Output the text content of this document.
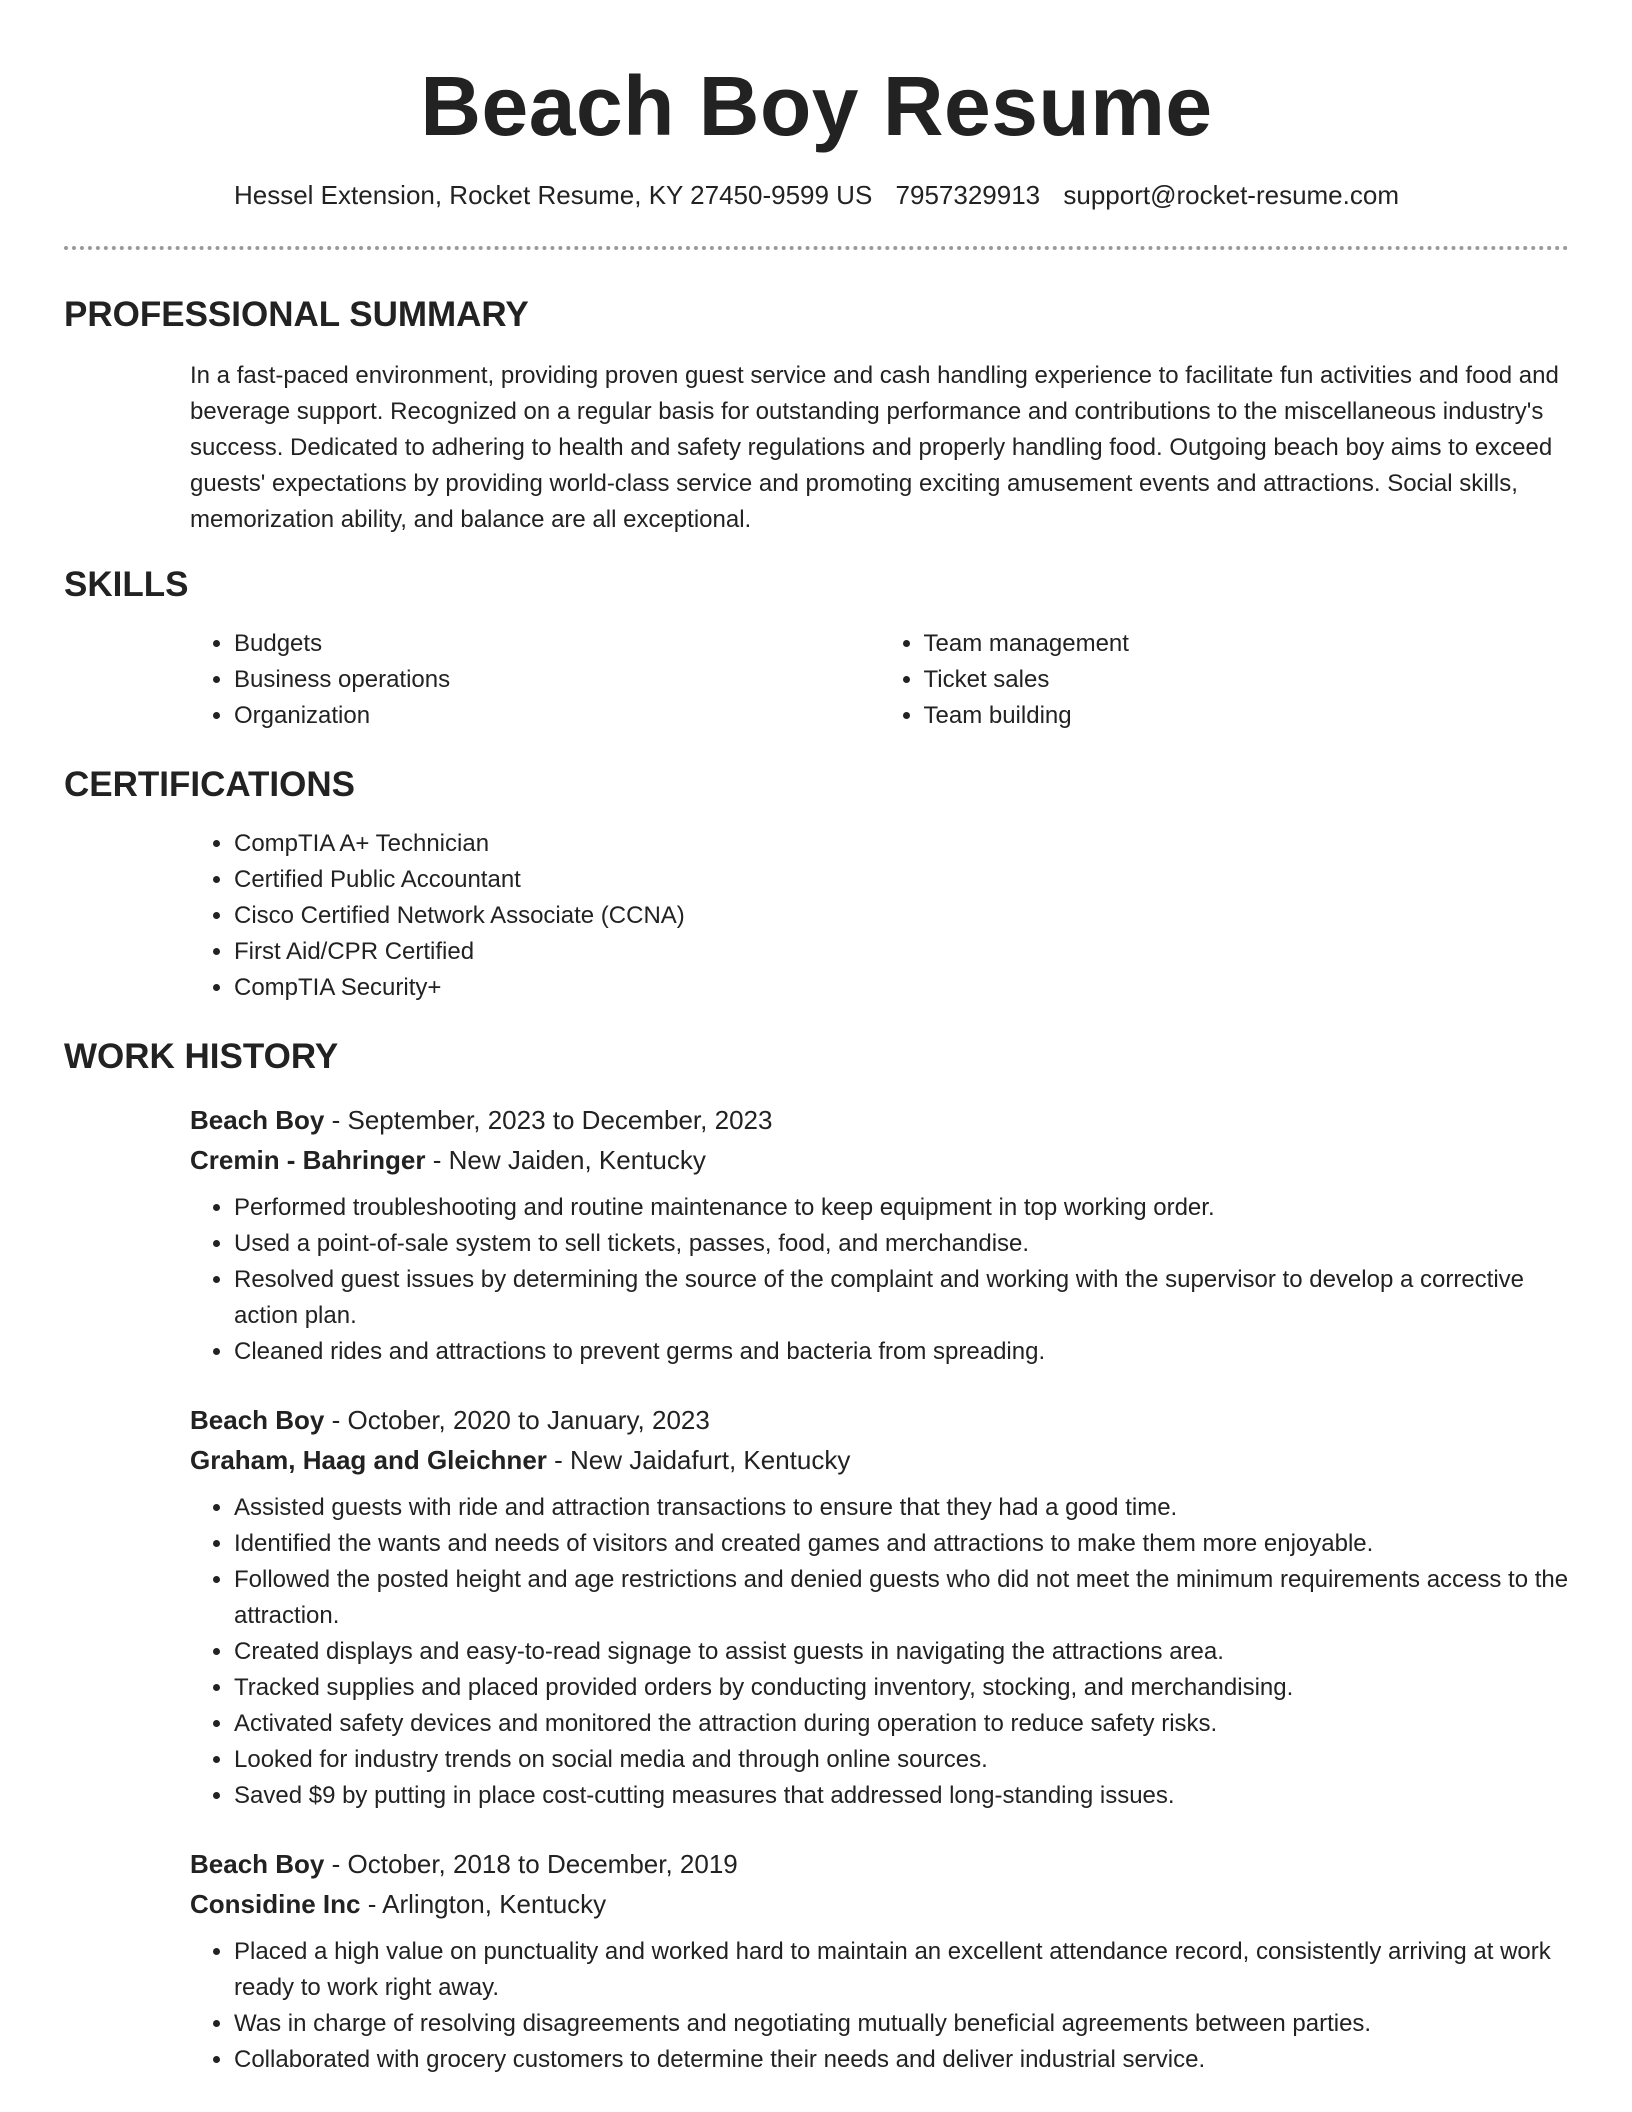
Beach Boy Resume
Hessel Extension, Rocket Resume, KY 27450-9599 US 7957329913 support@rocket-resume.com
PROFESSIONAL SUMMARY

In a fast-paced environment, providing proven guest service and cash handling experience to facilitate fun activities and food and beverage support. Recognized on a regular basis for outstanding performance and contributions to the miscellaneous industry's success. Dedicated to adhering to health and safety regulations and properly handling food. Outgoing beach boy aims to exceed guests' expectations by providing world-class service and promoting exciting amusement events and attractions. Social skills, memorization ability, and balance are all exceptional.

SKILLS
• Budgets
• Business operations
• Organization
• Team management
• Ticket sales
• Team building
CERTIFICATIONS
• CompTIA A+ Technician
• Certified Public Accountant
• Cisco Certified Network Associate (CCNA)
• First Aid/CPR Certified
• CompTIA Security+
WORK HISTORY
Beach Boy - September, 2023 to December, 2023
Cremin - Bahringer - New Jaiden, Kentucky
• Performed troubleshooting and routine maintenance to keep equipment in top working order.
• Used a point-of-sale system to sell tickets, passes, food, and merchandise.
• Resolved guest issues by determining the source of the complaint and working with the supervisor to develop a corrective action plan.
• Cleaned rides and attractions to prevent germs and bacteria from spreading.
Beach Boy - October, 2020 to January, 2023
Graham, Haag and Gleichner - New Jaidafurt, Kentucky
• Assisted guests with ride and attraction transactions to ensure that they had a good time.
• Identified the wants and needs of visitors and created games and attractions to make them more enjoyable.
• Followed the posted height and age restrictions and denied guests who did not meet the minimum requirements access to the attraction.
• Created displays and easy-to-read signage to assist guests in navigating the attractions area.
• Tracked supplies and placed provided orders by conducting inventory, stocking, and merchandising.
• Activated safety devices and monitored the attraction during operation to reduce safety risks.
• Looked for industry trends on social media and through online sources.
• Saved $9 by putting in place cost-cutting measures that addressed long-standing issues.
Beach Boy - October, 2018 to December, 2019
Considine Inc - Arlington, Kentucky
• Placed a high value on punctuality and worked hard to maintain an excellent attendance record, consistently arriving at work ready to work right away.
• Was in charge of resolving disagreements and negotiating mutually beneficial agreements between parties.
• Collaborated with grocery customers to determine their needs and deliver industrial service.
